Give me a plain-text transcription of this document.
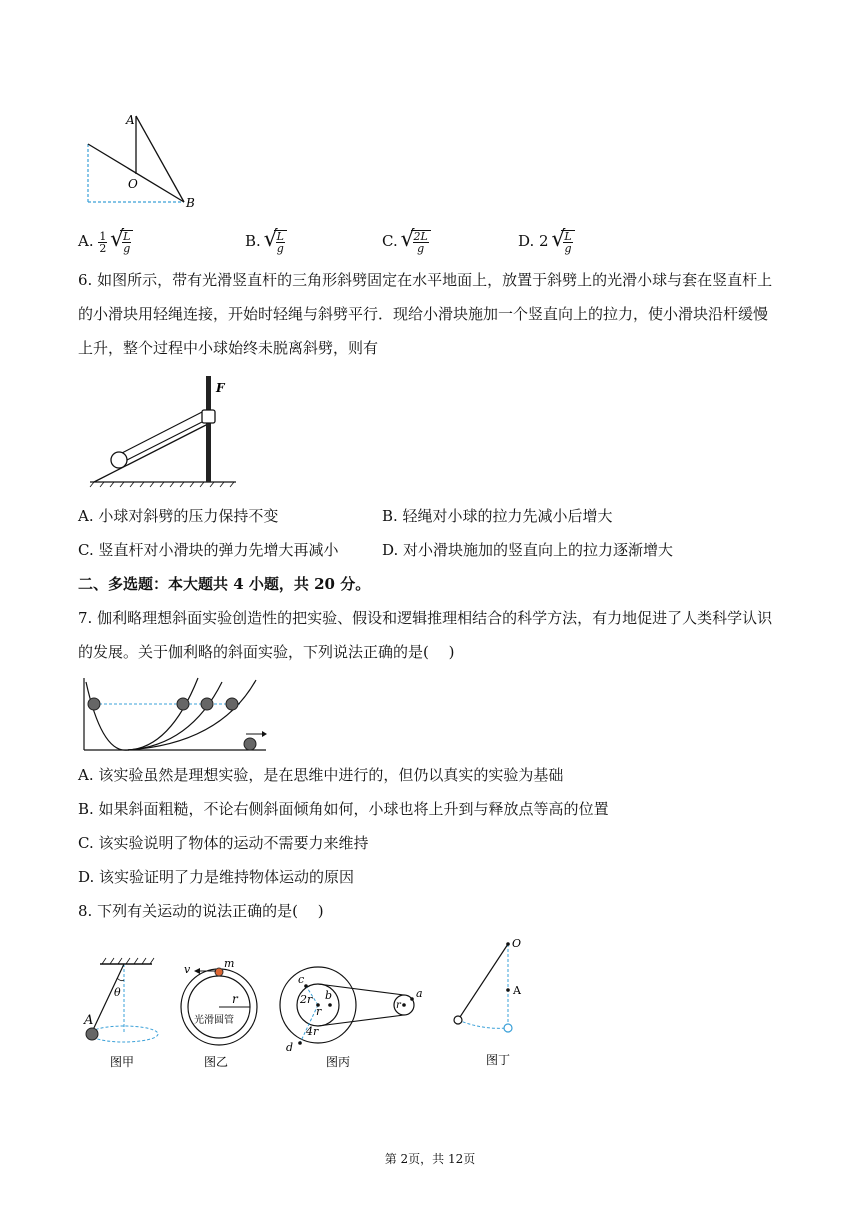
A
O
B
A. $\frac{1}{2}$
√ $\frac{L}{g}$	B. √ $\frac{L}{g}$	C. √ $\frac{2L}{g}$	D. 2 √ $\frac{L}{g}$
6. 如图所示，带有光滑竖直杆的三角形斜劈固定在水平地面上，放置于斜劈上的光滑小球与套在竖直杆上
的小滑块用轻绳连接，开始时轻绳与斜劈平行．现给小滑块施加一个竖直向上的拉力，使小滑块沿杆缓慢
上升，整个过程中小球始终未脱离斜劈，则有
F
A. 小球对斜劈的压力保持不变	B. 轻绳对小球的拉力先减小后增大
C. 竖直杆对小滑块的弹力先增大再减小	D. 对小滑块施加的竖直向上的拉力逐渐增大
二、多选题：本大题共 4 小题，共 20 分。
7. 伽利略理想斜面实验创造性的把实验、假设和逻辑推理相结合的科学方法，有力地促进了人类科学认识
的发展。关于伽利略的斜面实验，下列说法正确的是(　 )
A. 该实验虽然是理想实验，是在思维中进行的，但仍以真实的实验为基础
B. 如果斜面粗糙，不论右侧斜面倾角如何，小球也将上升到与释放点等高的位置
C. 该实验说明了物体的运动不需要力来维持
D. 该实验证明了力是维持物体运动的原因
8. 下列有关运动的说法正确的是(　 )
θ
A
图甲
v	m
r
光滑圆管
图乙
c
b
2r
r	r
a
4r
d
图丙
O
A
图丁
第 2页，共 12页
